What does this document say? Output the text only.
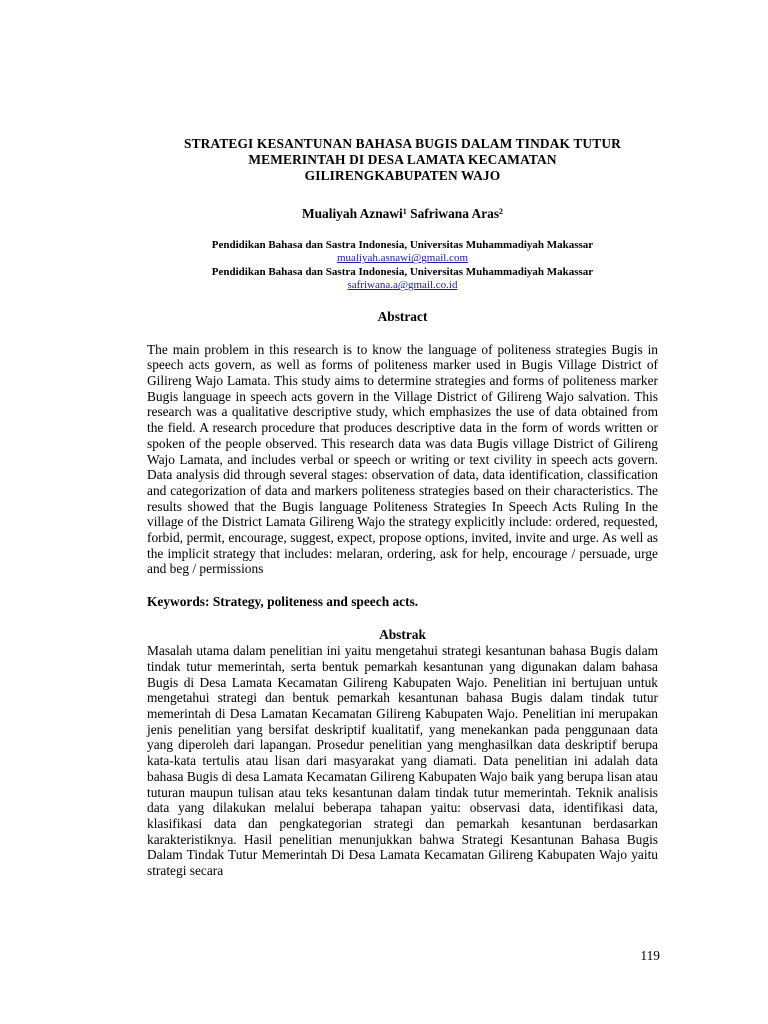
STRATEGI KESANTUNAN BAHASA BUGIS DALAM TINDAK TUTUR
MEMERINTAH DI DESA LAMATA KECAMATAN
GILIRENGKABUPATEN WAJO
Mualiyah Aznawi$^1$ Safriwana Aras$^2$
Pendidikan Bahasa dan Sastra Indonesia, Universitas Muhammadiyah Makassar
mualiyah.asnawi@gmail.com
Pendidikan Bahasa dan Sastra Indonesia, Universitas Muhammadiyah Makassar
safriwana.a@gmail.co.id
Abstract

The main problem in this research is to know the language of politeness strategies Bugis in speech acts govern, as well as forms of politeness marker used in Bugis Village District of Gilireng Wajo Lamata. This study aims to determine strategies and forms of politeness marker Bugis language in speech acts govern in the Village District of Gilireng Wajo salvation. This research was a qualitative descriptive study, which emphasizes the use of data obtained from the field. A research procedure that produces descriptive data in the form of words written or spoken of the people observed. This research data was data Bugis village District of Gilireng Wajo Lamata, and includes verbal or speech or writing or text civility in speech acts govern. Data analysis did through several stages: observation of data, data identification, classification and categorization of data and markers politeness strategies based on their characteristics. The results showed that the Bugis language Politeness Strategies In Speech Acts Ruling In the village of the District Lamata Gilireng Wajo the strategy explicitly include: ordered, requested, forbid, permit, encourage, suggest, expect, propose options, invited, invite and urge. As well as the implicit strategy that includes: melaran, ordering, ask for help, encourage / persuade, urge and beg / permissions

Keywords: Strategy, politeness and speech acts.
Abstrak

Masalah utama dalam penelitian ini yaitu mengetahui strategi kesantunan bahasa Bugis dalam tindak tutur memerintah, serta bentuk pemarkah kesantunan yang digunakan dalam bahasa Bugis di Desa Lamata Kecamatan Gilireng Kabupaten Wajo. Penelitian ini bertujuan untuk mengetahui strategi dan bentuk pemarkah kesantunan bahasa Bugis dalam tindak tutur memerintah di Desa Lamatan Kecamatan Gilireng Kabupaten Wajo. Penelitian ini merupakan jenis penelitian yang bersifat deskriptif kualitatif, yang menekankan pada penggunaan data yang diperoleh dari lapangan. Prosedur penelitian yang menghasilkan data deskriptif berupa kata-kata tertulis atau lisan dari masyarakat yang diamati. Data penelitian ini adalah data bahasa Bugis di desa Lamata Kecamatan Gilireng Kabupaten Wajo baik yang berupa lisan atau tuturan maupun tulisan atau teks kesantunan dalam tindak tutur memerintah. Teknik analisis data yang dilakukan melalui beberapa tahapan yaitu: observasi data, identifikasi data, klasifikasi data dan pengkategorian strategi dan pemarkah kesantunan berdasarkan karakteristiknya. Hasil penelitian menunjukkan bahwa Strategi Kesantunan Bahasa Bugis Dalam Tindak Tutur Memerintah Di Desa Lamata Kecamatan Gilireng Kabupaten Wajo yaitu strategi secara

119
